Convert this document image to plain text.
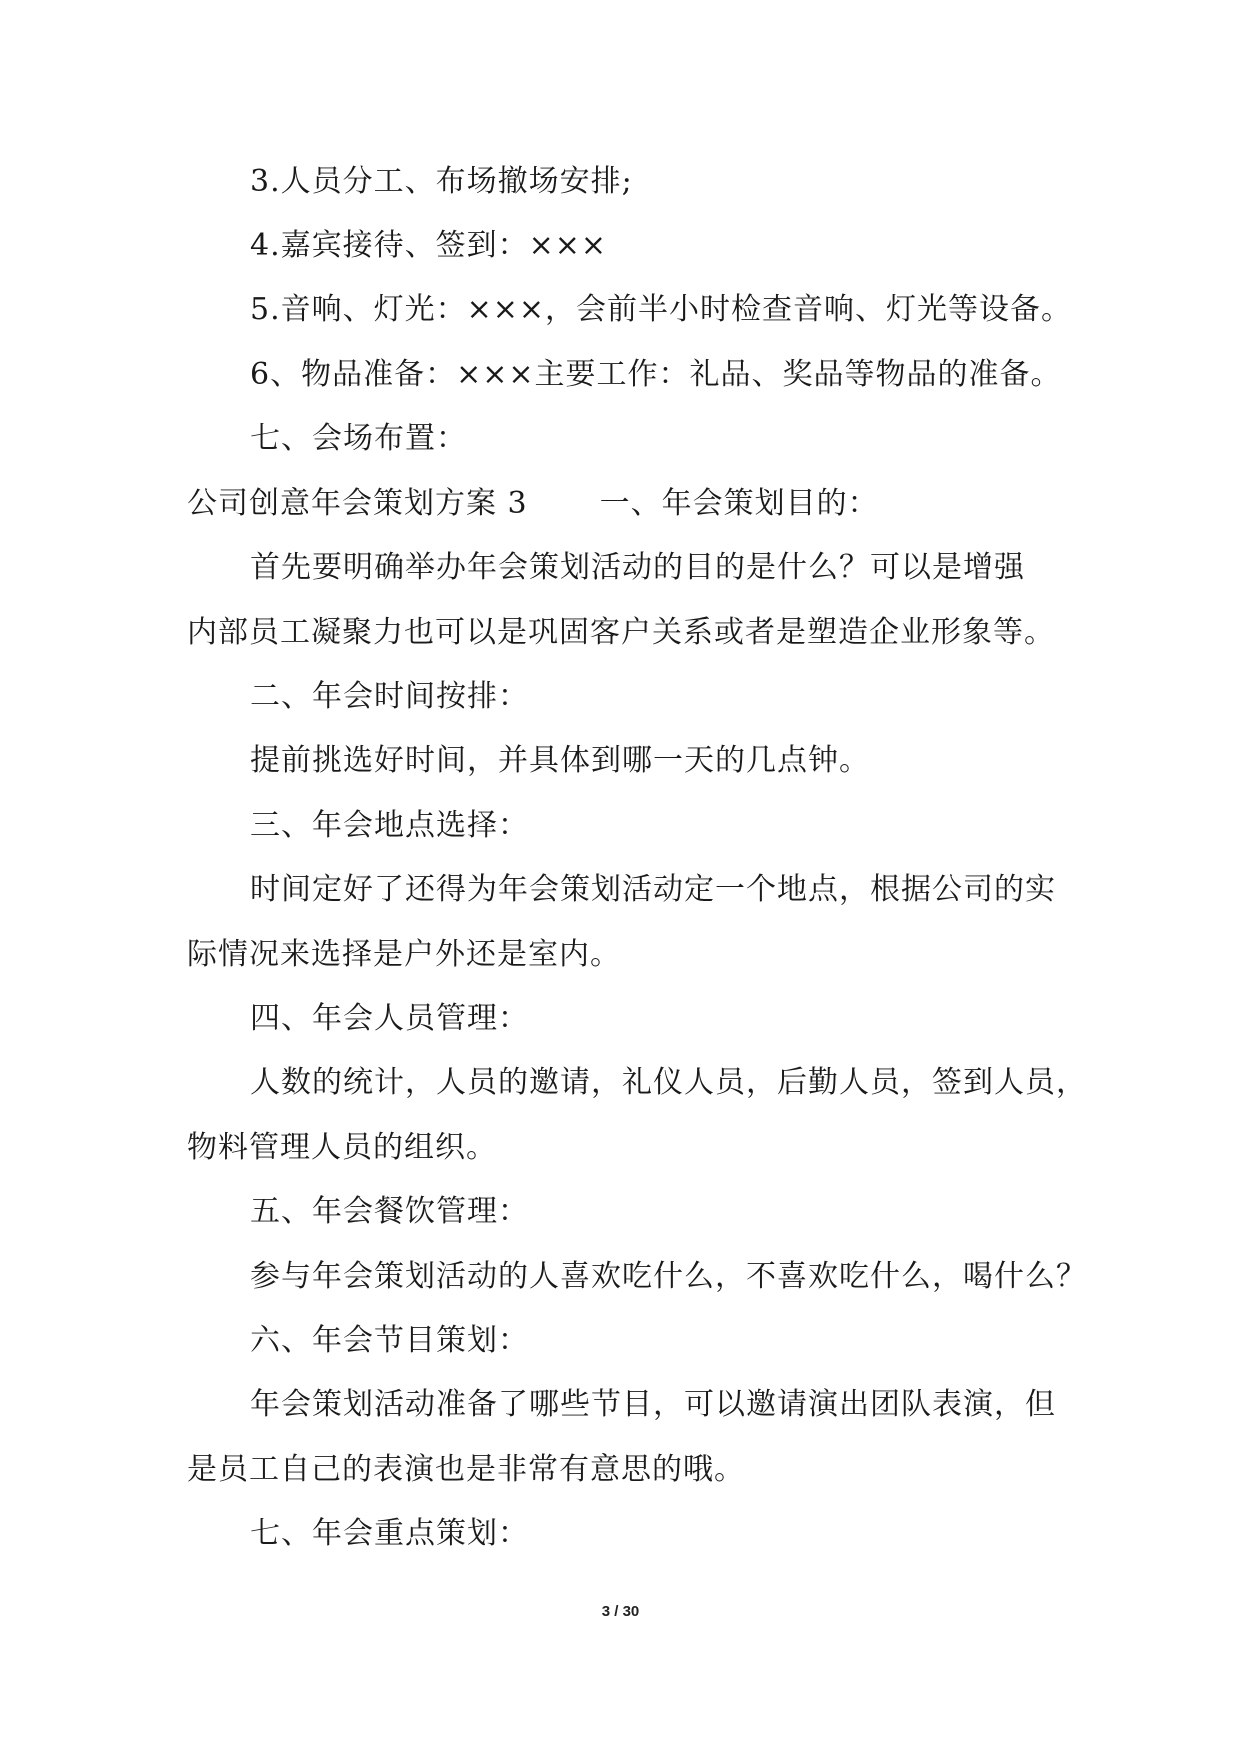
3.人员分工、布场撤场安排;
4.嘉宾接待、签到：×××
5.音响、灯光：×××，会前半小时检查音响、灯光等设备。
6、物品准备：×××主要工作：礼品、奖品等物品的准备。
七、会场布置：
公司创意年会策划方案 3 一、年会策划目的：
首先要明确举办年会策划活动的目的是什么？可以是增强
内部员工凝聚力也可以是巩固客户关系或者是塑造企业形象等。
二、年会时间按排：
提前挑选好时间，并具体到哪一天的几点钟。
三、年会地点选择：
时间定好了还得为年会策划活动定一个地点，根据公司的实
际情况来选择是户外还是室内。
四、年会人员管理：
人数的统计，人员的邀请，礼仪人员，后勤人员，签到人员，
物料管理人员的组织。
五、年会餐饮管理：
参与年会策划活动的人喜欢吃什么，不喜欢吃什么，喝什么？
六、年会节目策划：
年会策划活动准备了哪些节目，可以邀请演出团队表演，但
是员工自己的表演也是非常有意思的哦。
七、年会重点策划：
3 / 30
